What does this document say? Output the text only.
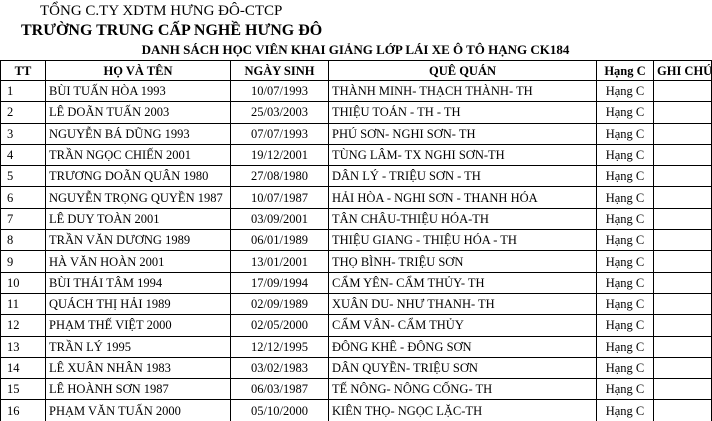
TỔNG C.TY XDTM HƯNG ĐÔ-CTCP
TRƯỜNG TRUNG CẤP NGHỀ HƯNG ĐÔ
DANH SÁCH HỌC VIÊN KHAI GIẢNG LỚP LÁI XE Ô TÔ HẠNG CK184
TT	HỌ VÀ TÊN	NGÀY SINH	QUÊ QUÁN	Hạng C	GHI CHÚ
1	BÙI TUẤN HÒA 1993	10/07/1993	THÀNH MINH- THẠCH THÀNH- TH	Hạng C	
2	LÊ DOÃN TUẤN 2003	25/03/2003	THIỆU TOÁN - TH - TH	Hạng C	
3	NGUYỄN BÁ DŨNG 1993	07/07/1993	PHÚ SƠN- NGHI SƠN- TH	Hạng C	
4	TRẦN NGỌC CHIẾN 2001	19/12/2001	TÙNG LÂM- TX NGHI SƠN-TH	Hạng C	
5	TRƯƠNG DOÃN QUÂN 1980	27/08/1980	DÂN LÝ - TRIỆU SƠN - TH	Hạng C	
6	NGUYỄN TRỌNG QUYỀN 1987	10/07/1987	HẢI HÒA - NGHI SƠN - THANH HÓA	Hạng C	
7	LÊ DUY TOÀN 2001	03/09/2001	TÂN CHÂU-THIỆU HÓA-TH	Hạng C	
8	TRẦN VĂN DƯƠNG 1989	06/01/1989	THIỆU GIANG - THIỆU HÓA - TH	Hạng C	
9	HÀ VĂN HOÀN 2001	13/01/2001	THỌ BÌNH- TRIỆU SƠN	Hạng C	
10	BÙI THÁI TÂM 1994	17/09/1994	CẨM YÊN- CẨM THỦY- TH	Hạng C	
11	QUÁCH THỊ HẢI 1989	02/09/1989	XUÂN DU- NHƯ THANH- TH	Hạng C	
12	PHẠM THẾ VIỆT 2000	02/05/2000	CẨM VÂN- CẨM THỦY	Hạng C	
13	TRẦN LÝ 1995	12/12/1995	ĐÔNG KHÊ - ĐÔNG SƠN	Hạng C	
14	LÊ XUÂN NHÂN 1983	03/02/1983	DÂN QUYỀN- TRIỆU SƠN	Hạng C	
15	LÊ HOÀNH SƠN 1987	06/03/1987	TẾ NÔNG- NÔNG CỐNG- TH	Hạng C	
16	PHẠM VĂN TUẤN 2000	05/10/2000	KIÊN THỌ- NGỌC LẶC-TH	Hạng C	
